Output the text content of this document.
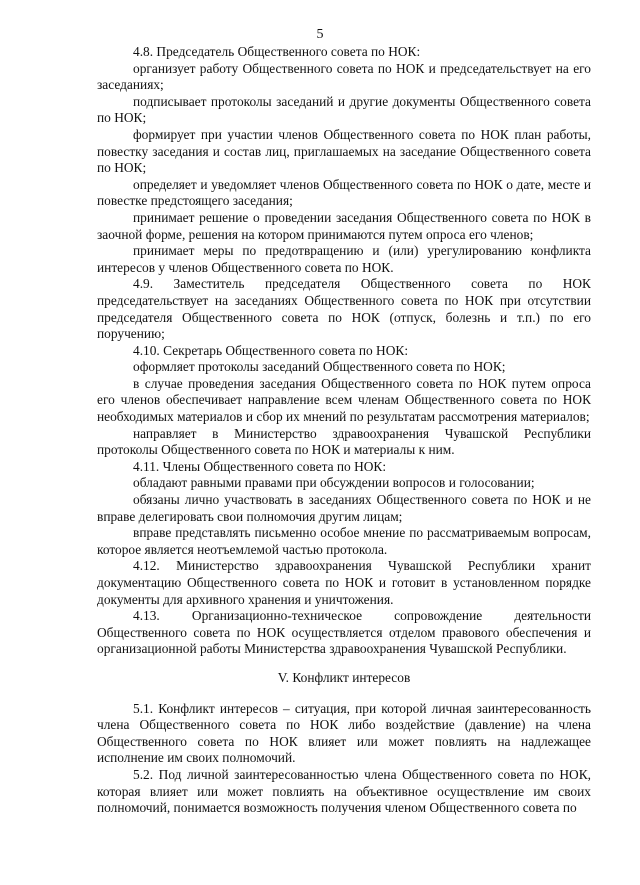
5

4.8. Председатель Общественного совета по НОК:

организует работу Общественного совета по НОК и председательствует на его заседаниях;

подписывает протоколы заседаний и другие документы Общественного совета по НОК;

формирует при участии членов Общественного совета по НОК план работы, повестку заседания и состав лиц, приглашаемых на заседание Общественного совета по НОК;

определяет и уведомляет членов Общественного совета по НОК о дате, месте и повестке предстоящего заседания;

принимает решение о проведении заседания Общественного совета по НОК в заочной форме, решения на котором принимаются путем опроса его членов;

принимает меры по предотвращению и (или) урегулированию конфликта интересов у членов Общественного совета по НОК.

4.9. Заместитель председателя Общественного совета по НОК председательствует на заседаниях Общественного совета по НОК при отсутствии председателя Общественного совета по НОК (отпуск, болезнь и т.п.) по его поручению;

4.10. Секретарь Общественного совета по НОК:

оформляет протоколы заседаний Общественного совета по НОК;

в случае проведения заседания Общественного совета по НОК путем опроса его членов обеспечивает направление всем членам Общественного совета по НОК необходимых материалов и сбор их мнений по результатам рассмотрения материалов;

направляет в Министерство здравоохранения Чувашской Республики протоколы Общественного совета по НОК и материалы к ним.

4.11. Члены Общественного совета по НОК:

обладают равными правами при обсуждении вопросов и голосовании;

обязаны лично участвовать в заседаниях Общественного совета по НОК и не вправе делегировать свои полномочия другим лицам;

вправе представлять письменно особое мнение по рассматриваемым вопросам, которое является неотъемлемой частью протокола.

4.12. Министерство здравоохранения Чувашской Республики хранит документацию Общественного совета по НОК и готовит в установленном порядке документы для архивного хранения и уничтожения.

4.13. Организационно-техническое сопровождение деятельности Общественного совета по НОК осуществляется отделом правового обеспечения и организационной работы Министерства здравоохранения Чувашской Республики.

V. Конфликт интересов

5.1. Конфликт интересов – ситуация, при которой личная заинтересованность члена Общественного совета по НОК либо воздействие (давление) на члена Общественного совета по НОК влияет или может повлиять на надлежащее исполнение им своих полномочий.

5.2. Под личной заинтересованностью члена Общественного совета по НОК, которая влияет или может повлиять на объективное осуществление им своих полномочий, понимается возможность получения членом Общественного совета по
